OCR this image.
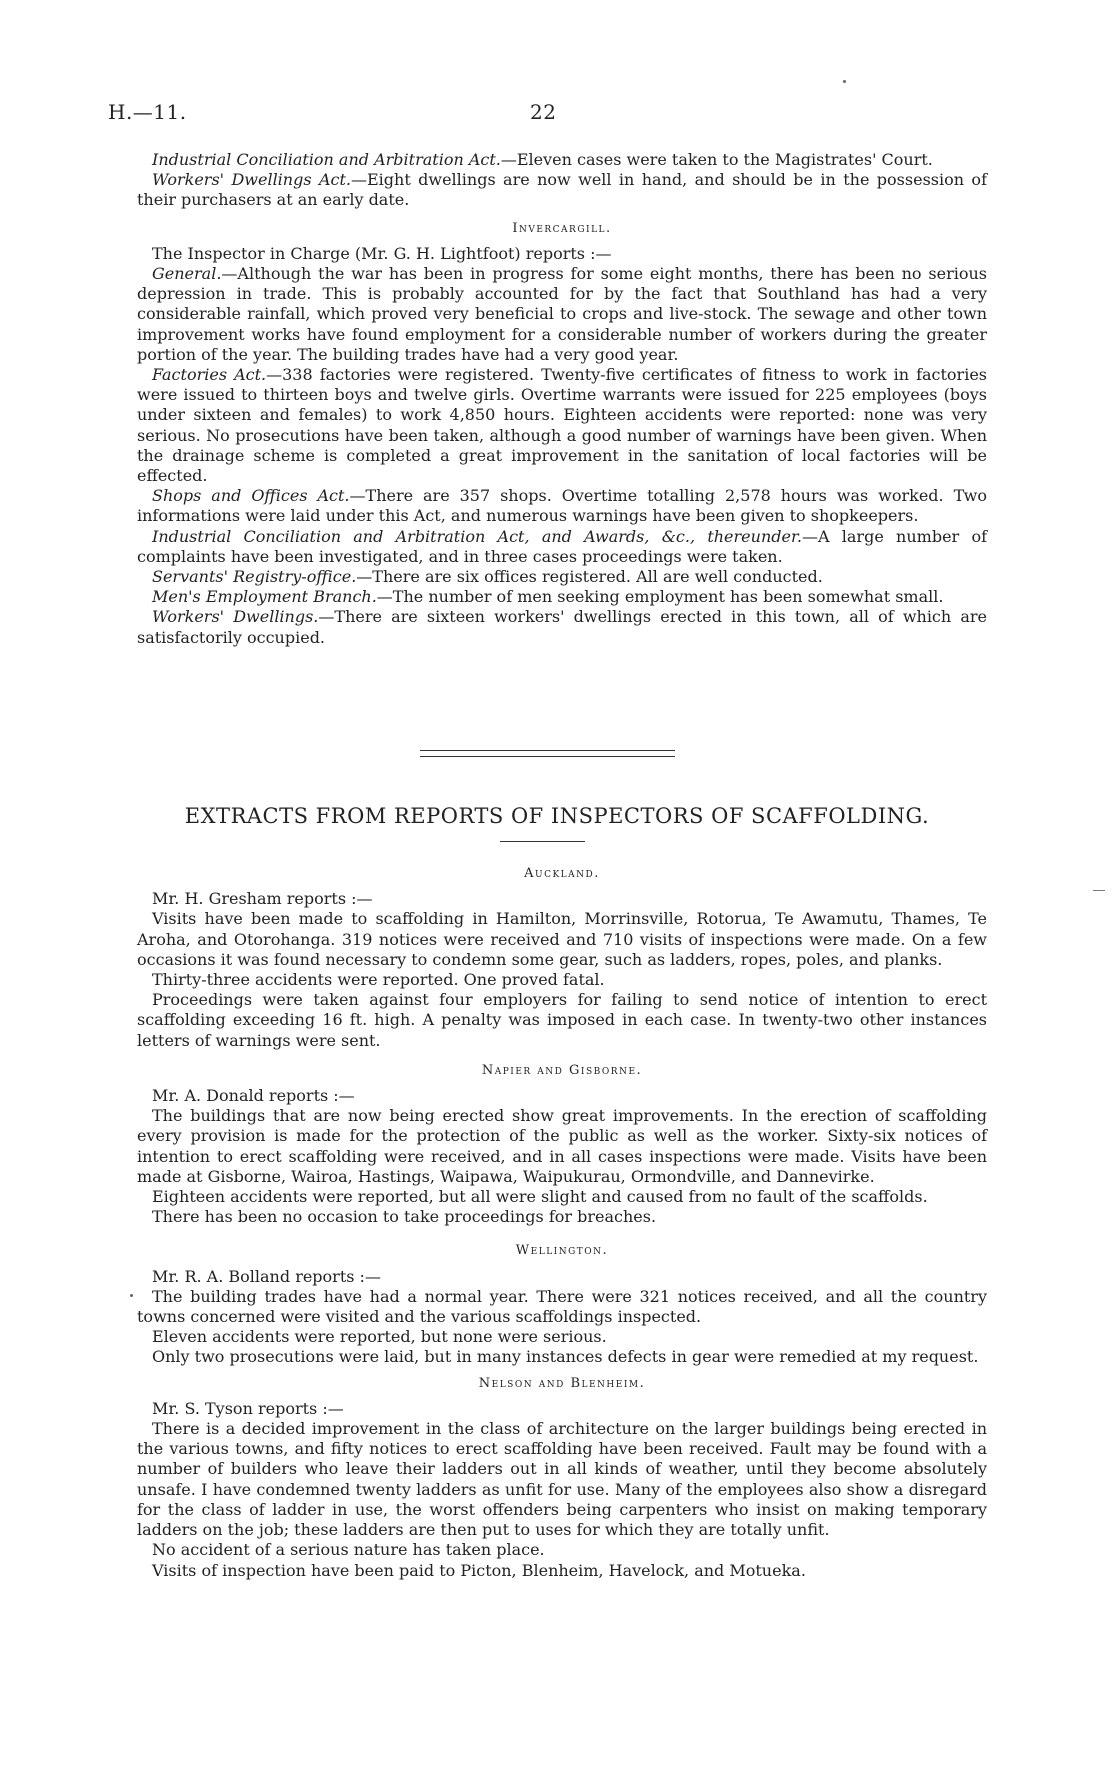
H.—11.	22

Industrial Conciliation and Arbitration Act.—Eleven cases were taken to the Magistrates' Court.

Workers' Dwellings Act.—Eight dwellings are now well in hand, and should be in the possession of their purchasers at an early date.

Invercargill.

The Inspector in Charge (Mr. G. H. Lightfoot) reports :—

General.—Although the war has been in progress for some eight months, there has been no serious depression in trade. This is probably accounted for by the fact that Southland has had a very considerable rainfall, which proved very beneficial to crops and live-stock. The sewage and other town improvement works have found employment for a considerable number of workers during the greater portion of the year. The building trades have had a very good year.

Factories Act.—338 factories were registered. Twenty-five certificates of fitness to work in factories were issued to thirteen boys and twelve girls. Overtime warrants were issued for 225 employees (boys under sixteen and females) to work 4,850 hours. Eighteen accidents were reported: none was very serious. No prosecutions have been taken, although a good number of warnings have been given. When the drainage scheme is completed a great improvement in the sanitation of local factories will be effected.

Shops and Offices Act.—There are 357 shops. Overtime totalling 2,578 hours was worked. Two informations were laid under this Act, and numerous warnings have been given to shopkeepers.

Industrial Conciliation and Arbitration Act, and Awards, &c., thereunder.—A large number of complaints have been investigated, and in three cases proceedings were taken.

Servants' Registry-office.—There are six offices registered. All are well conducted.

Men's Employment Branch.—The number of men seeking employment has been somewhat small.

Workers' Dwellings.—There are sixteen workers' dwellings erected in this town, all of which are satisfactorily occupied.

EXTRACTS FROM REPORTS OF INSPECTORS OF SCAFFOLDING.
Auckland.

Mr. H. Gresham reports :—

Visits have been made to scaffolding in Hamilton, Morrinsville, Rotorua, Te Awamutu, Thames, Te Aroha, and Otorohanga. 319 notices were received and 710 visits of inspections were made. On a few occasions it was found necessary to condemn some gear, such as ladders, ropes, poles, and planks.

Thirty-three accidents were reported. One proved fatal.

Proceedings were taken against four employers for failing to send notice of intention to erect scaffolding exceeding 16 ft. high. A penalty was imposed in each case. In twenty-two other instances letters of warnings were sent.

Napier and Gisborne.

Mr. A. Donald reports :—

The buildings that are now being erected show great improvements. In the erection of scaffolding every provision is made for the protection of the public as well as the worker. Sixty-six notices of intention to erect scaffolding were received, and in all cases inspections were made. Visits have been made at Gisborne, Wairoa, Hastings, Waipawa, Waipukurau, Ormondville, and Dannevirke.

Eighteen accidents were reported, but all were slight and caused from no fault of the scaffolds.

There has been no occasion to take proceedings for breaches.

Wellington.

Mr. R. A. Bolland reports :—

The building trades have had a normal year. There were 321 notices received, and all the country towns concerned were visited and the various scaffoldings inspected.

Eleven accidents were reported, but none were serious.

Only two prosecutions were laid, but in many instances defects in gear were remedied at my request.

Nelson and Blenheim.

Mr. S. Tyson reports :—

There is a decided improvement in the class of architecture on the larger buildings being erected in the various towns, and fifty notices to erect scaffolding have been received. Fault may be found with a number of builders who leave their ladders out in all kinds of weather, until they become absolutely unsafe. I have condemned twenty ladders as unfit for use. Many of the employees also show a disregard for the class of ladder in use, the worst offenders being carpenters who insist on making temporary ladders on the job; these ladders are then put to uses for which they are totally unfit.

No accident of a serious nature has taken place.

Visits of inspection have been paid to Picton, Blenheim, Havelock, and Motueka.
